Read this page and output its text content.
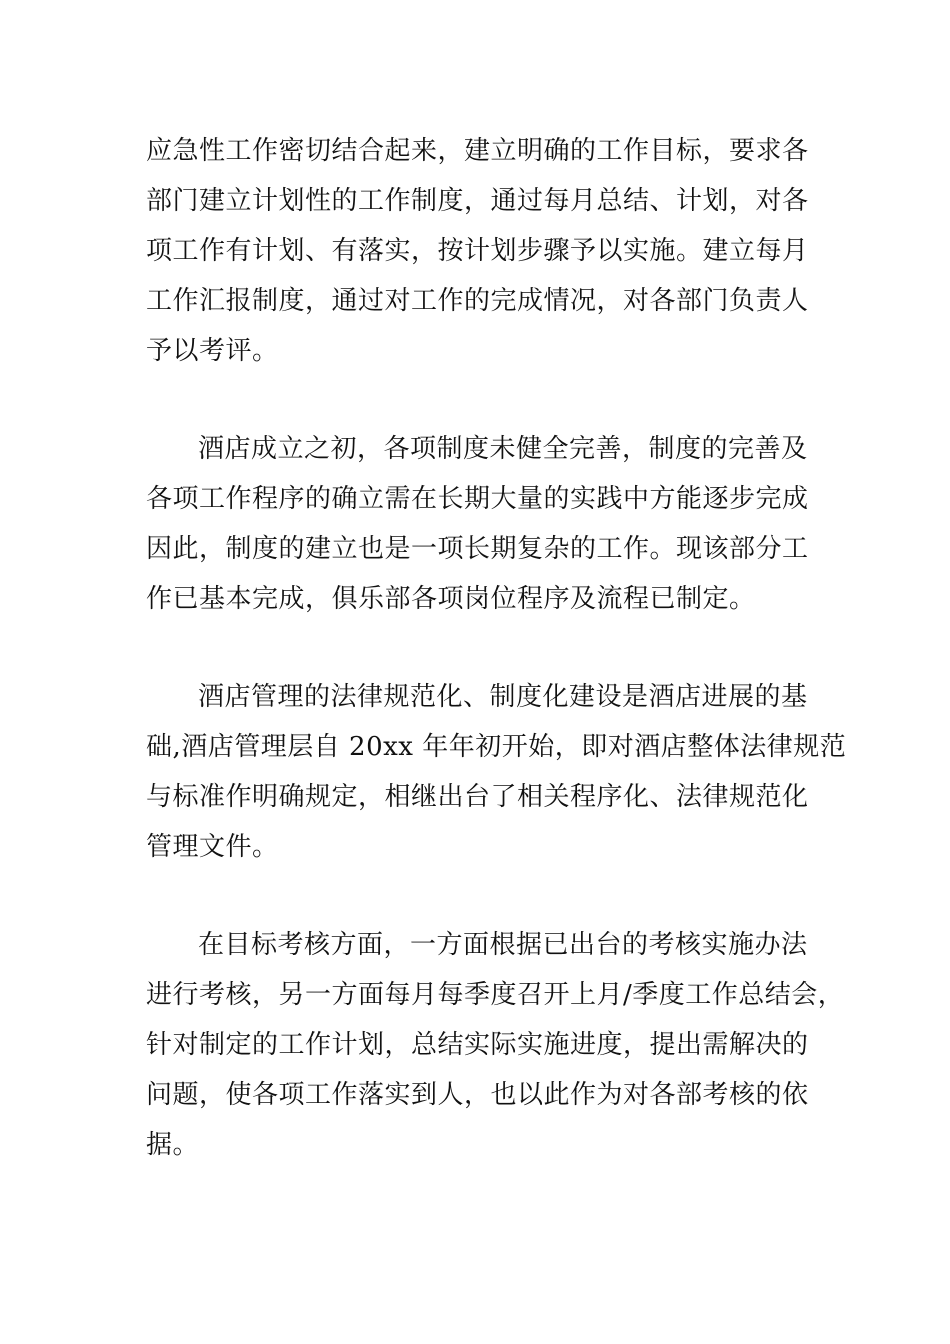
应急性工作密切结合起来，建立明确的工作目标，要求各
部门建立计划性的工作制度，通过每月总结、计划，对各
项工作有计划、有落实，按计划步骤予以实施。建立每月
工作汇报制度，通过对工作的完成情况，对各部门负责人
予以考评。
酒店成立之初，各项制度未健全完善，制度的完善及
各项工作程序的确立需在长期大量的实践中方能逐步完成
因此，制度的建立也是一项长期复杂的工作。现该部分工
作已基本完成，俱乐部各项岗位程序及流程已制定。
酒店管理的法律规范化、制度化建设是酒店进展的基
础,酒店管理层自 20xx 年年初开始，即对酒店整体法律规范
与标准作明确规定，相继出台了相关程序化、法律规范化
管理文件。
在目标考核方面，一方面根据已出台的考核实施办法
进行考核，另一方面每月每季度召开上月/季度工作总结会，
针对制定的工作计划，总结实际实施进度，提出需解决的
问题，使各项工作落实到人，也以此作为对各部考核的依
据。
